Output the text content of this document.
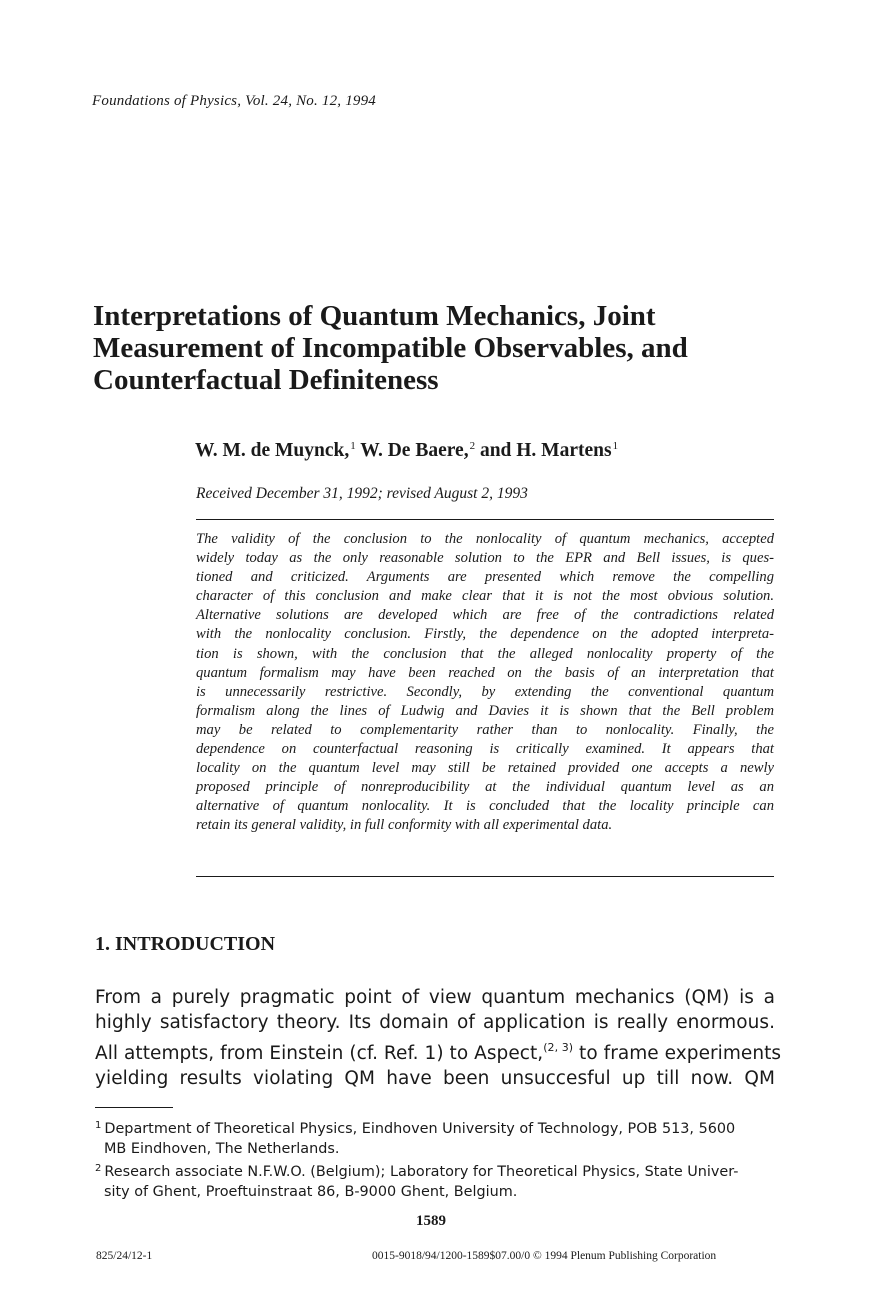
Foundations of Physics, Vol. 24, No. 12, 1994
Interpretations of Quantum Mechanics, Joint
Measurement of Incompatible Observables, and
Counterfactual Definiteness
W. M. de Muynck,$^1$ W. De Baere,$^2$ and H. Martens$^1$
Received December 31, 1992; revised August 2, 1993
The validity of the conclusion to the nonlocality of quantum mechanics, accepted
widely today as the only reasonable solution to the EPR and Bell issues, is ques-
tioned and criticized. Arguments are presented which remove the compelling
character of this conclusion and make clear that it is not the most obvious solution.
Alternative solutions are developed which are free of the contradictions related
with the nonlocality conclusion. Firstly, the dependence on the adopted interpreta-
tion is shown, with the conclusion that the alleged nonlocality property of the
quantum formalism may have been reached on the basis of an interpretation that
is unnecessarily restrictive. Secondly, by extending the conventional quantum
formalism along the lines of Ludwig and Davies it is shown that the Bell problem
may be related to complementarity rather than to nonlocality. Finally, the
dependence on counterfactual reasoning is critically examined. It appears that
locality on the quantum level may still be retained provided one accepts a newly
proposed principle of nonreproducibility at the individual quantum level as an
alternative of quantum nonlocality. It is concluded that the locality principle can
retain its general validity, in full conformity with all experimental data.
1. INTRODUCTION
From a purely pragmatic point of view quantum mechanics (QM) is a
highly satisfactory theory. Its domain of application is really enormous.
All attempts, from Einstein (cf. Ref. 1) to Aspect,$^{(2, 3)}$ to frame experiments
yielding results violating QM have been unsuccesful up till now. QM
$^1$ Department of Theoretical Physics, Eindhoven University of Technology, POB 513, 5600
MB Eindhoven, The Netherlands.
$^2$ Research associate N.F.W.O. (Belgium); Laboratory for Theoretical Physics, State Univer-
sity of Ghent, Proeftuinstraat 86, B-9000 Ghent, Belgium.
1589
825/24/12-1	0015-9018/94/1200-1589$07.00/0 © 1994 Plenum Publishing Corporation
